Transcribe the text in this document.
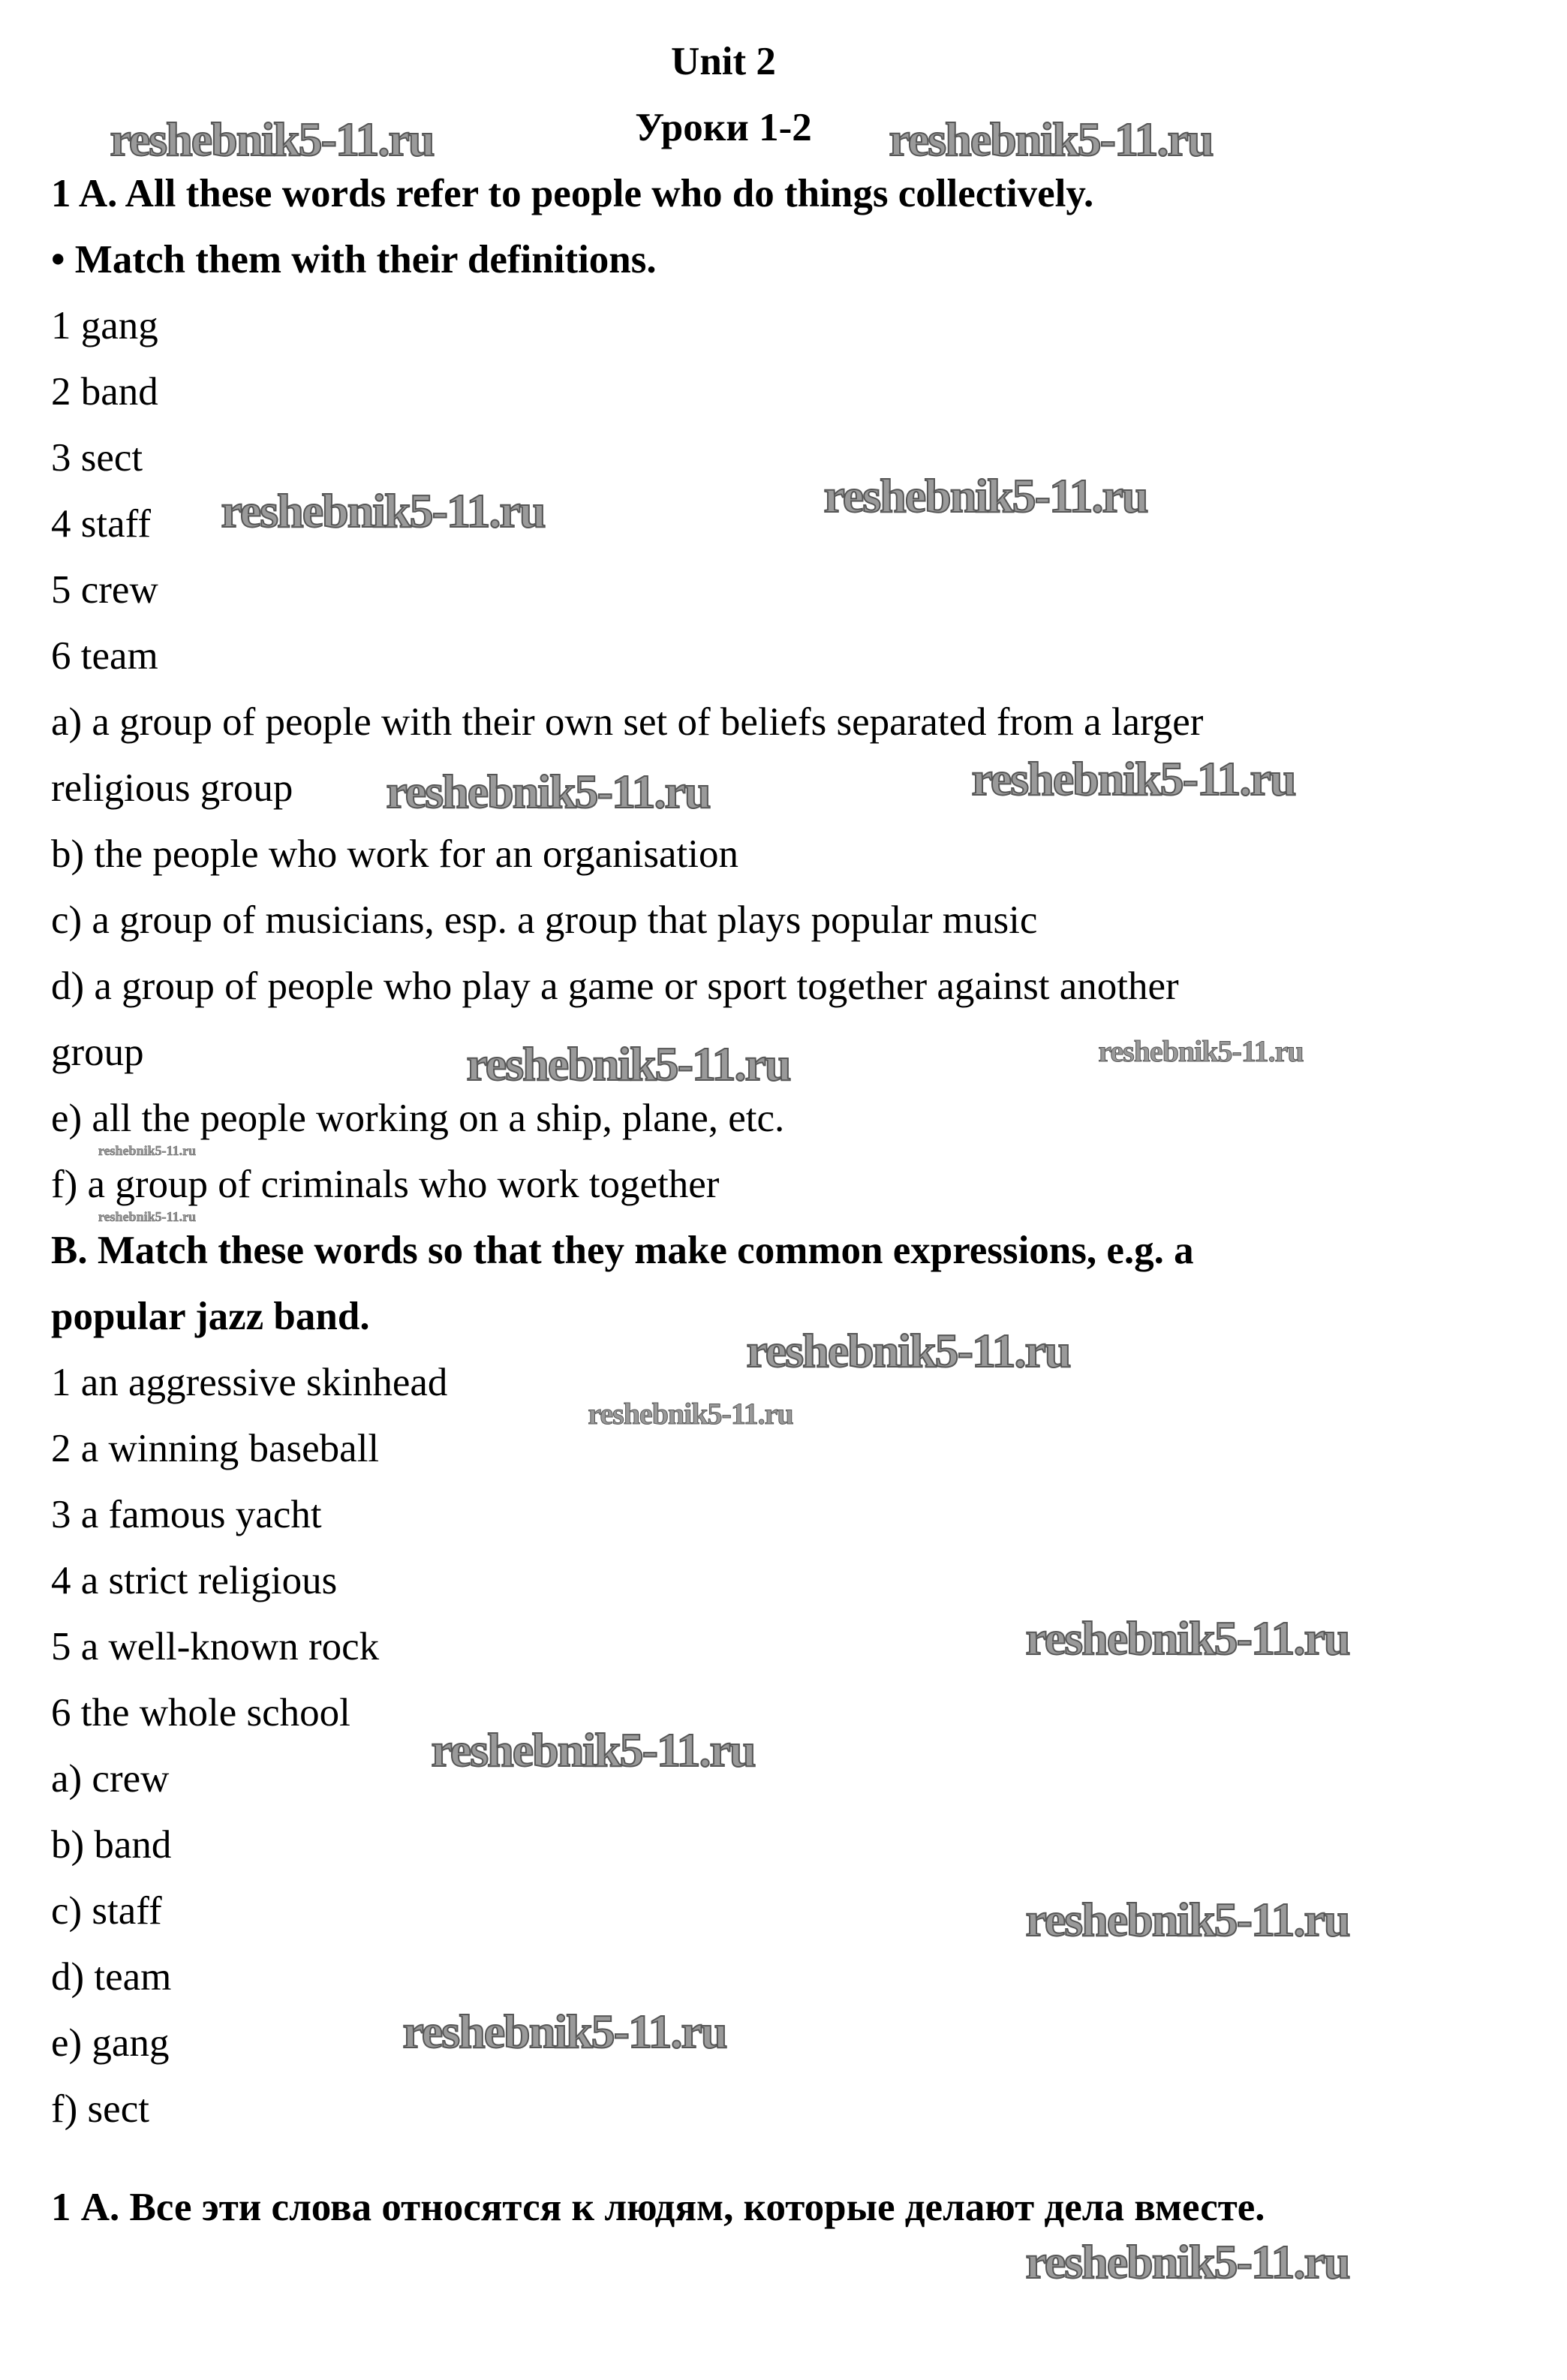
Unit 2
Уроки 1-2
1 A. All these words refer to people who do things collectively.
• Match them with their definitions.
1 gang
2 band
3 sect
4 staff
5 crew
6 team
a) a group of people with their own set of beliefs separated from a larger
religious group
b) the people who work for an organisation
c) a group of musicians, esp. a group that plays popular music
d) a group of people who play a game or sport together against another
group
e) all the people working on a ship, plane, etc.
f) a group of criminals who work together
B. Match these words so that they make common expressions, e.g. a
popular jazz band.
1 an aggressive skinhead
2 a winning baseball
3 a famous yacht
4 a strict religious
5 a well-known rock
6 the whole school
a) crew
b) band
c) staff
d) team
e) gang
f) sect
1 А. Все эти слова относятся к людям, которые делают дела вместе.
reshebnik5-11.ru	reshebnik5-11.ru
reshebnik5-11.ru	reshebnik5-11.ru
reshebnik5-11.ru	reshebnik5-11.ru
reshebnik5-11.ru	reshebnik5-11.ru
reshebnik5-11.ru
reshebnik5-11.ru
reshebnik5-11.ru
reshebnik5-11.ru
reshebnik5-11.ru
reshebnik5-11.ru
reshebnik5-11.ru
reshebnik5-11.ru
reshebnik5-11.ru
